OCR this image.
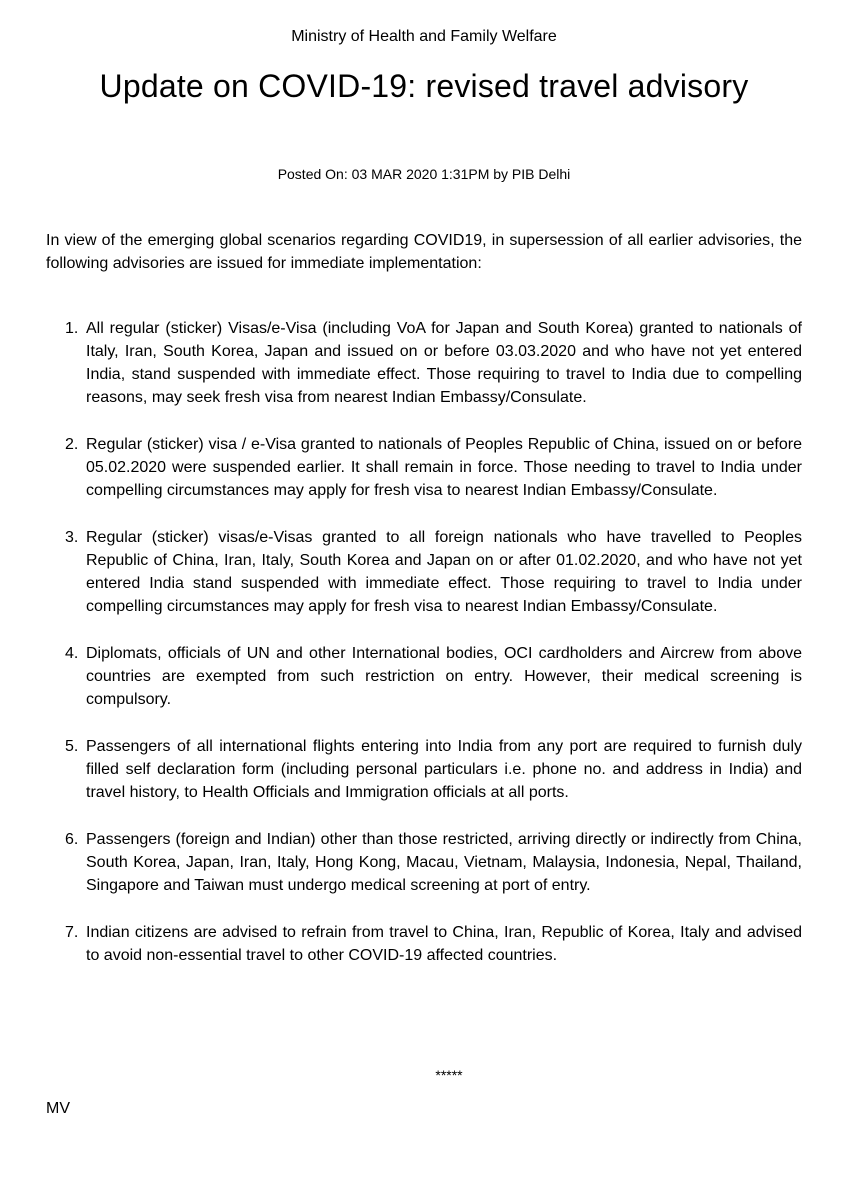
Ministry of Health and Family Welfare
Update on COVID-19: revised travel advisory
Posted On: 03 MAR 2020 1:31PM by PIB Delhi

In view of the emerging global scenarios regarding COVID19, in supersession of all earlier advisories, the following advisories are issued for immediate implementation:

1. All regular (sticker) Visas/e-Visa (including VoA for Japan and South Korea) granted to nationals of Italy, Iran, South Korea, Japan and issued on or before 03.03.2020 and who have not yet entered India, stand suspended with immediate effect. Those requiring to travel to India due to compelling reasons, may seek fresh visa from nearest Indian Embassy/Consulate.
2. Regular (sticker) visa / e-Visa granted to nationals of Peoples Republic of China, issued on or before 05.02.2020 were suspended earlier. It shall remain in force. Those needing to travel to India under compelling circumstances may apply for fresh visa to nearest Indian Embassy/Consulate.
3. Regular (sticker) visas/e-Visas granted to all foreign nationals who have travelled to Peoples Republic of China, Iran, Italy, South Korea and Japan on or after 01.02.2020, and who have not yet entered India stand suspended with immediate effect. Those requiring to travel to India under compelling circumstances may apply for fresh visa to nearest Indian Embassy/Consulate.
4. Diplomats, officials of UN and other International bodies, OCI cardholders and Aircrew from above countries are exempted from such restriction on entry. However, their medical screening is compulsory.
5. Passengers of all international flights entering into India from any port are required to furnish duly filled self declaration form (including personal particulars i.e. phone no. and address in India) and travel history, to Health Officials and Immigration officials at all ports.
6. Passengers (foreign and Indian) other than those restricted, arriving directly or indirectly from China, South Korea, Japan, Iran, Italy, Hong Kong, Macau, Vietnam, Malaysia, Indonesia, Nepal, Thailand, Singapore and Taiwan must undergo medical screening at port of entry.
7. Indian citizens are advised to refrain from travel to China, Iran, Republic of Korea, Italy and advised to avoid non-essential travel to other COVID-19 affected countries.
*****
MV
